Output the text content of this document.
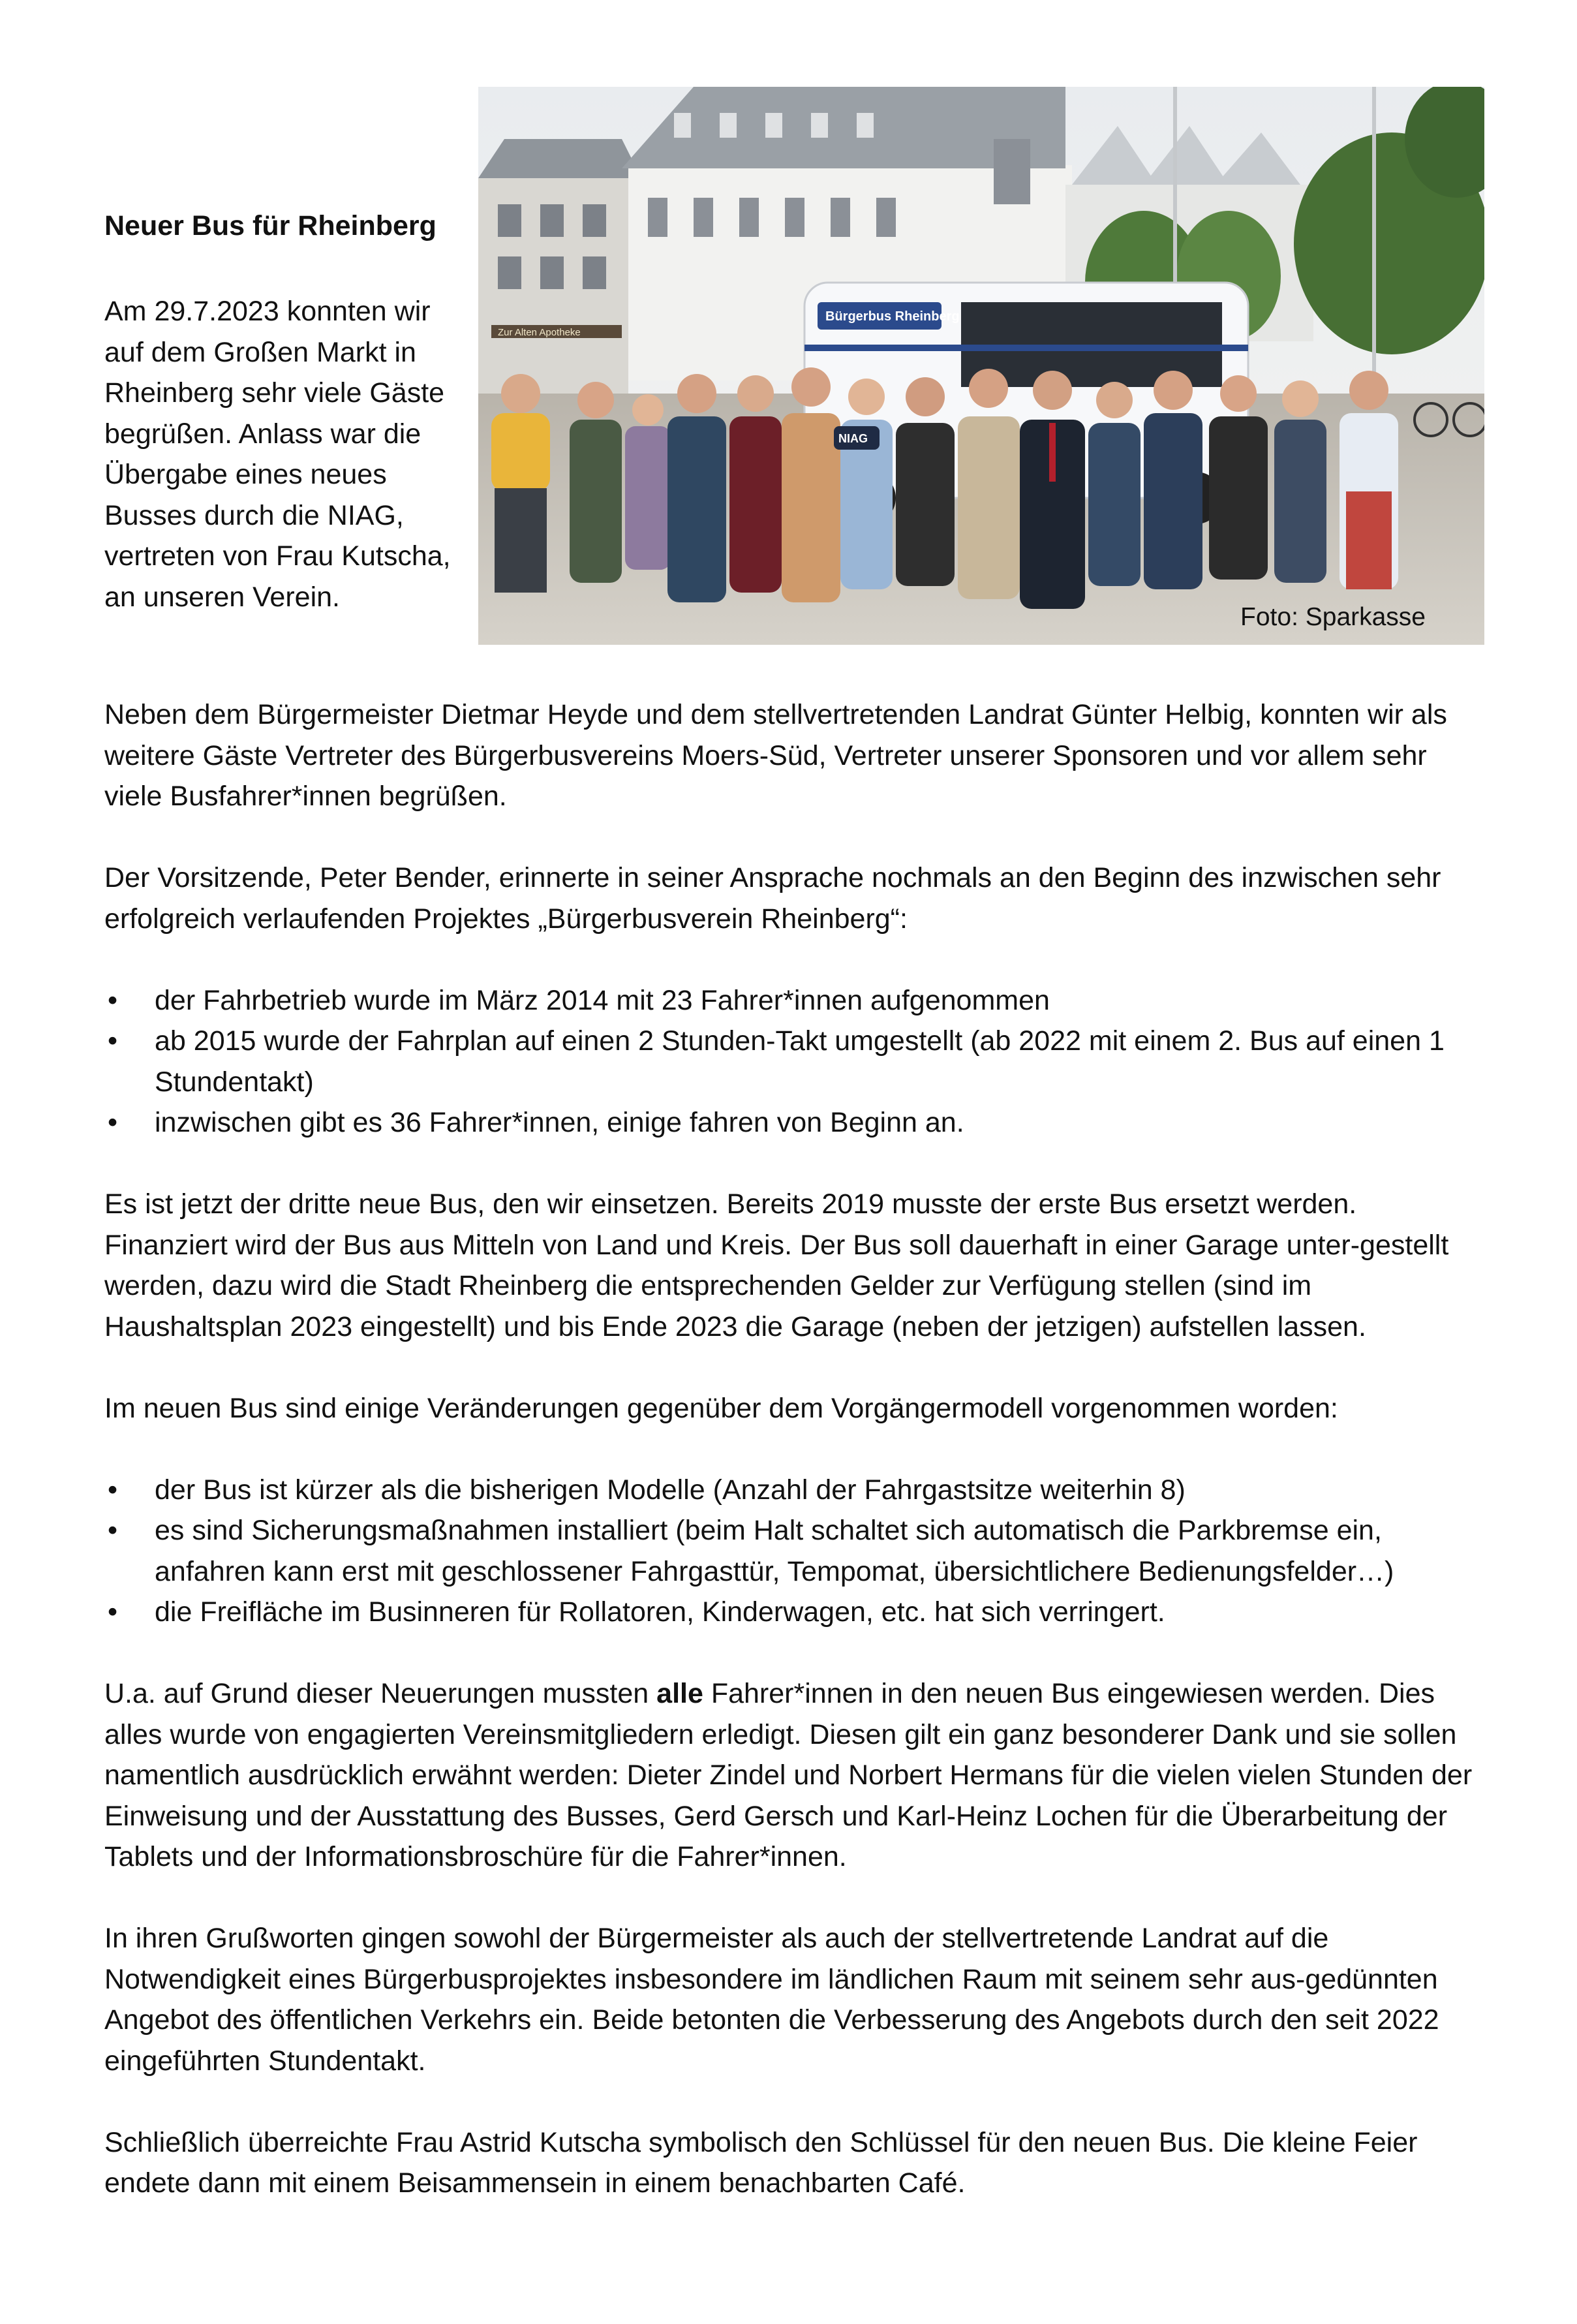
Neuer Bus für Rheinberg
Am 29.7.2023 konnten wir auf dem Großen Markt in Rheinberg sehr viele Gäste begrüßen. Anlass war die Übergabe eines neues Busses durch die NIAG, vertreten von Frau Kutscha, an unseren Verein.
Zur Alten Apotheke
Bürgerbus Rheinberg
NIAG
Foto: Sparkasse

Neben dem Bürgermeister Dietmar Heyde und dem stellvertretenden Landrat Günter Helbig, konnten wir als weitere Gäste Vertreter des Bürgerbusvereins Moers-Süd, Vertreter unserer Sponsoren und vor allem sehr viele Busfahrer*innen begrüßen.

Der Vorsitzende, Peter Bender, erinnerte in seiner Ansprache nochmals an den Beginn des inzwischen sehr erfolgreich verlaufenden Projektes „Bürgerbusverein Rheinberg“:

• der Fahrbetrieb wurde im März 2014 mit 23 Fahrer*innen aufgenommen
• ab 2015 wurde der Fahrplan auf einen 2 Stunden-Takt umgestellt (ab 2022 mit einem 2. Bus auf einen 1 Stundentakt)
• inzwischen gibt es 36 Fahrer*innen, einige fahren von Beginn an.

Es ist jetzt der dritte neue Bus, den wir einsetzen. Bereits 2019 musste der erste Bus ersetzt werden. Finanziert wird der Bus aus Mitteln von Land und Kreis. Der Bus soll dauerhaft in einer Garage unter-gestellt werden, dazu wird die Stadt Rheinberg die entsprechenden Gelder zur Verfügung stellen (sind im Haushaltsplan 2023 eingestellt) und bis Ende 2023 die Garage (neben der jetzigen) aufstellen lassen.

Im neuen Bus sind einige Veränderungen gegenüber dem Vorgängermodell vorgenommen worden:

• der Bus ist kürzer als die bisherigen Modelle (Anzahl der Fahrgastsitze weiterhin 8)
• es sind Sicherungsmaßnahmen installiert (beim Halt schaltet sich automatisch die Parkbremse ein, anfahren kann erst mit geschlossener Fahrgasttür, Tempomat, übersichtlichere Bedienungsfelder…)
• die Freifläche im Businneren für Rollatoren, Kinderwagen, etc. hat sich verringert.

U.a. auf Grund dieser Neuerungen mussten alle Fahrer*innen in den neuen Bus eingewiesen werden. Dies alles wurde von engagierten Vereinsmitgliedern erledigt. Diesen gilt ein ganz besonderer Dank und sie sollen namentlich ausdrücklich erwähnt werden: Dieter Zindel und Norbert Hermans für die vielen vielen Stunden der Einweisung und der Ausstattung des Busses, Gerd Gersch und Karl-Heinz Lochen für die Überarbeitung der Tablets und der Informationsbroschüre für die Fahrer*innen.

In ihren Grußworten gingen sowohl der Bürgermeister als auch der stellvertretende Landrat auf die Notwendigkeit eines Bürgerbusprojektes insbesondere im ländlichen Raum mit seinem sehr aus-gedünnten Angebot des öffentlichen Verkehrs ein. Beide betonten die Verbesserung des Angebots durch den seit 2022 eingeführten Stundentakt.

Schließlich überreichte Frau Astrid Kutscha symbolisch den Schlüssel für den neuen Bus. Die kleine Feier endete dann mit einem Beisammensein in einem benachbarten Café.
